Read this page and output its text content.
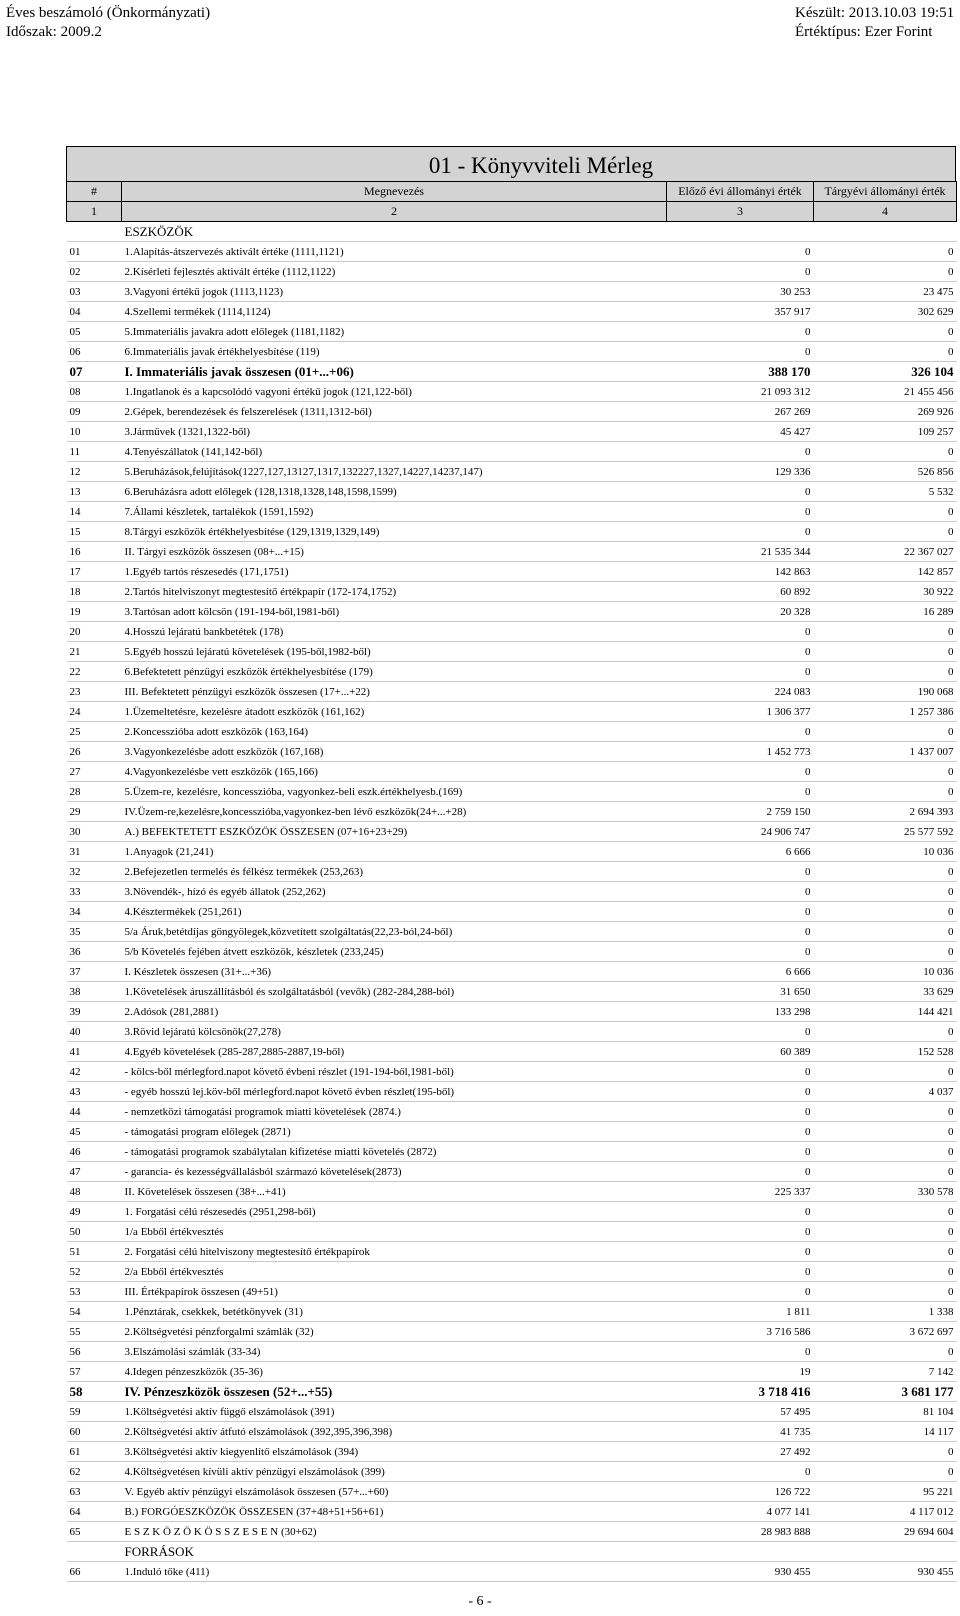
Éves beszámoló (Önkormányzati)
Időszak: 2009.2
Készült: 2013.10.03 19:51
Értéktípus: Ezer Forint
01 - Könyvviteli Mérleg
#	Megnevezés	Előző évi állományi érték	Tárgyévi állományi érték
1	2	3	4
	ESZKÖZÖK		
01	1.Alapítás-átszervezés aktivált értéke (1111,1121)	0	0
02	2.Kísérleti fejlesztés aktivált értéke (1112,1122)	0	0
03	3.Vagyoni értékű jogok (1113,1123)	30 253	23 475
04	4.Szellemi termékek (1114,1124)	357 917	302 629
05	5.Immateriális javakra adott előlegek (1181,1182)	0	0
06	6.Immateriális javak értékhelyesbítése (119)	0	0
07	I. Immateriális javak összesen (01+...+06)	388 170	326 104
08	1.Ingatlanok és a kapcsolódó vagyoni értékű jogok (121,122-ből)	21 093 312	21 455 456
09	2.Gépek, berendezések és felszerelések (1311,1312-ből)	267 269	269 926
10	3.Járművek (1321,1322-ből)	45 427	109 257
11	4.Tenyészállatok (141,142-ből)	0	0
12	5.Beruházások,felújítások(1227,127,13127,1317,132227,1327,14227,14237,147)	129 336	526 856
13	6.Beruházásra adott előlegek (128,1318,1328,148,1598,1599)	0	5 532
14	7.Állami készletek, tartalékok (1591,1592)	0	0
15	8.Tárgyi eszközök értékhelyesbítése (129,1319,1329,149)	0	0
16	II. Tárgyi eszközök összesen (08+...+15)	21 535 344	22 367 027
17	1.Egyéb tartós részesedés (171,1751)	142 863	142 857
18	2.Tartós hitelviszonyt megtestesítő értékpapír (172-174,1752)	60 892	30 922
19	3.Tartósan adott kölcsön (191-194-ből,1981-ből)	20 328	16 289
20	4.Hosszú lejáratú bankbetétek (178)	0	0
21	5.Egyéb hosszú lejáratú követelések (195-ből,1982-ből)	0	0
22	6.Befektetett pénzügyi eszközök értékhelyesbítése (179)	0	0
23	III. Befektetett pénzügyi eszközök összesen (17+...+22)	224 083	190 068
24	1.Üzemeltetésre, kezelésre átadott eszközök (161,162)	1 306 377	1 257 386
25	2.Koncesszióba adott eszközök (163,164)	0	0
26	3.Vagyonkezelésbe adott eszközök (167,168)	1 452 773	1 437 007
27	4.Vagyonkezelésbe vett eszközök (165,166)	0	0
28	5.Üzem-re, kezelésre, koncesszióba, vagyonkez-beli eszk.értékhelyesb.(169)	0	0
29	IV.Üzem-re,kezelésre,koncesszióba,vagyonkez-ben lévő eszközök(24+...+28)	2 759 150	2 694 393
30	A.) BEFEKTETETT ESZKÖZÖK ÖSSZESEN (07+16+23+29)	24 906 747	25 577 592
31	1.Anyagok (21,241)	6 666	10 036
32	2.Befejezetlen termelés és félkész termékek (253,263)	0	0
33	3.Növendék-, hízó és egyéb állatok (252,262)	0	0
34	4.Késztermékek (251,261)	0	0
35	5/a Áruk,betétdíjas göngyölegek,közvetített szolgáltatás(22,23-ból,24-ből)	0	0
36	5/b Követelés fejében átvett eszközök, készletek (233,245)	0	0
37	I. Készletek összesen (31+...+36)	6 666	10 036
38	1.Követelések áruszállításból és szolgáltatásból (vevők) (282-284,288-ból)	31 650	33 629
39	2.Adósok (281,2881)	133 298	144 421
40	3.Rövid lejáratú kölcsönök(27,278)	0	0
41	4.Egyéb követelések (285-287,2885-2887,19-ből)	60 389	152 528
42	- kölcs-ből mérlegford.napot követő évbeni részlet (191-194-ből,1981-ből)	0	0
43	- egyéb hosszú lej.köv-ből mérlegford.napot követő évben részlet(195-ből)	0	4 037
44	- nemzetközi támogatási programok miatti követelések (2874.)	0	0
45	- támogatási program előlegek (2871)	0	0
46	- támogatási programok szabálytalan kifizetése miatti követelés (2872)	0	0
47	- garancia- és kezességvállalásból származó követelések(2873)	0	0
48	II. Követelések összesen (38+...+41)	225 337	330 578
49	1. Forgatási célú részesedés (2951,298-ből)	0	0
50	1/a Ebből értékvesztés	0	0
51	2. Forgatási célú hitelviszony megtestesítő értékpapírok	0	0
52	2/a Ebből értékvesztés	0	0
53	III. Értékpapírok összesen (49+51)	0	0
54	1.Pénztárak, csekkek, betétkönyvek (31)	1 811	1 338
55	2.Költségvetési pénzforgalmi számlák (32)	3 716 586	3 672 697
56	3.Elszámolási számlák (33-34)	0	0
57	4.Idegen pénzeszközök (35-36)	19	7 142
58	IV. Pénzeszközök összesen (52+...+55)	3 718 416	3 681 177
59	1.Költségvetési aktív függő elszámolások (391)	57 495	81 104
60	2.Költségvetési aktív átfutó elszámolások (392,395,396,398)	41 735	14 117
61	3.Költségvetési aktív kiegyenlítő elszámolások (394)	27 492	0
62	4.Költségvetésen kívüli aktív pénzügyi elszámolások (399)	0	0
63	V. Egyéb aktív pénzügyi elszámolások összesen (57+...+60)	126 722	95 221
64	B.) FORGÓESZKÖZÖK ÖSSZESEN (37+48+51+56+61)	4 077 141	4 117 012
65	E S Z K Ö Z Ö K Ö S S Z E S E N (30+62)	28 983 888	29 694 604
	FORRÁSOK		
66	1.Induló tőke (411)	930 455	930 455
- 6 -
